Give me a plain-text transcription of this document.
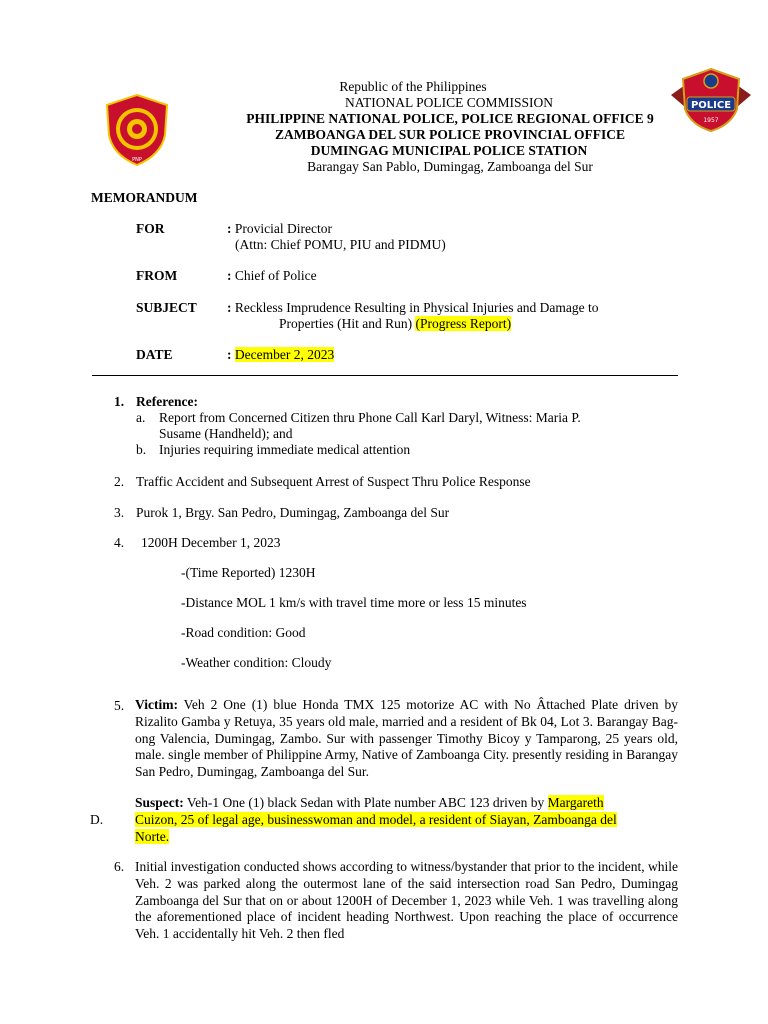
PNP
POLICE
1957
Republic of the Philippines
NATIONAL POLICE COMMISSION
PHILIPPINE NATIONAL POLICE, POLICE REGIONAL OFFICE 9
ZAMBOANGA DEL SUR POLICE PROVINCIAL OFFICE
DUMINGAG MUNICIPAL POLICE STATION
Barangay San Pablo, Dumingag, Zamboanga del Sur
MEMORANDUM
FOR	: Provicial Director
(Attn: Chief POMU, PIU and PIDMU)
FROM	: Chief of Police
SUBJECT : Reckless Imprudence Resulting in Physical Injuries and Damage to
Properties (Hit and Run) (Progress Report)
DATE	: December 2, 2023
1. Reference:
a. Report from Concerned Citizen thru Phone Call Karl Daryl, Witness: Maria P.
Susame (Handheld); and
b. Injuries requiring immediate medical attention
2. Traffic Accident and Subsequent Arrest of Suspect Thru Police Response
3. Purok 1, Brgy. San Pedro, Dumingag, Zamboanga del Sur
4. 1200H December 1, 2023
-(Time Reported) 1230H
-Distance MOL 1 km/s with travel time more or less 15 minutes
-Road condition: Good
-Weather condition: Cloudy
5. Victim: Veh 2 One (1) blue Honda TMX 125 motorize AC with No Âttached Plate driven by Rizalito Gamba y Retuya, 35 years old male, married and a resident of Bk 04, Lot 3. Barangay Bag-ong Valencia, Dumingag, Zambo. Sur with passenger Timothy Bicoy y Tamparong, 25 years old, male. single member of Philippine Army, Native of Zamboanga City. presently residing in Barangay San Pedro, Dumingag, Zamboanga del Sur.
Suspect: Veh-1 One (1) black Sedan with Plate number ABC 123 driven by Margareth
D. Cuizon, 25 of legal age, businesswoman and model, a resident of Siayan, Zamboanga del
Norte.
6. Initial investigation conducted shows according to witness/bystander that prior to the incident, while Veh. 2 was parked along the outermost lane of the said intersection road San Pedro, Dumingag Zamboanga del Sur that on or about 1200H of December 1, 2023 while Veh. 1 was travelling along the aforementioned place of incident heading Northwest. Upon reaching the place of occurrence Veh. 1 accidentally hit Veh. 2 then fled
